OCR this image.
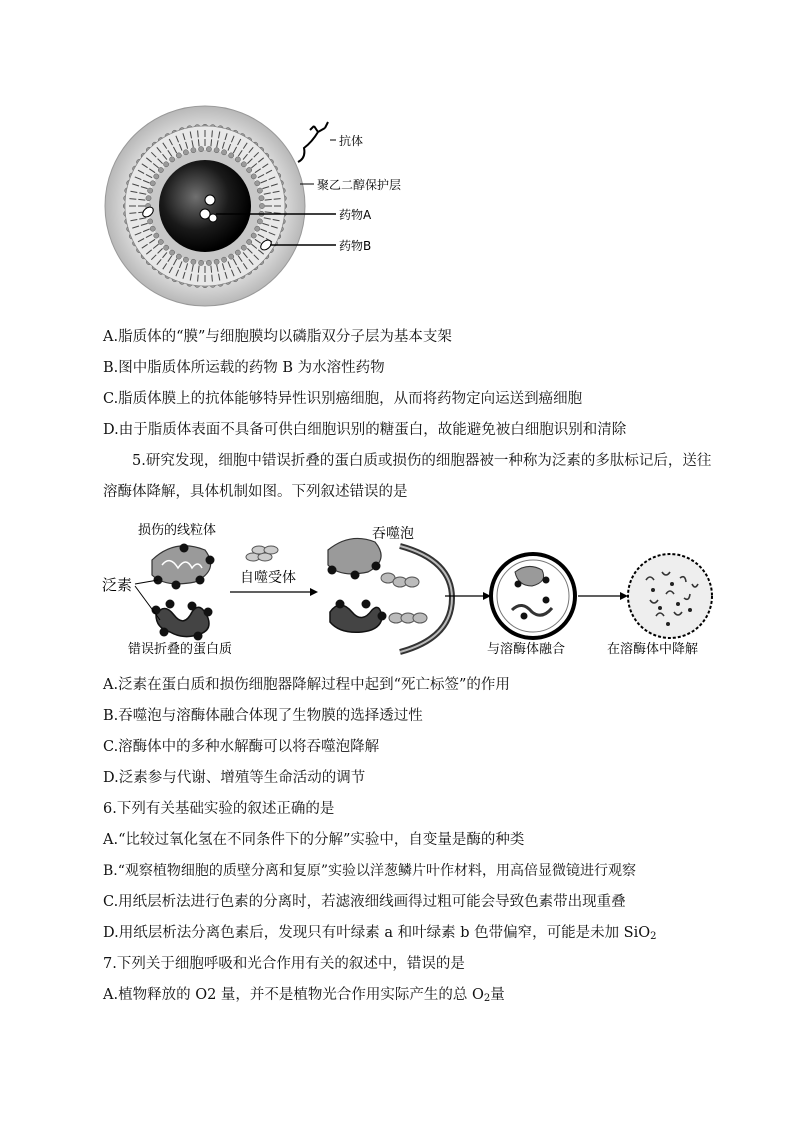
抗体
聚乙二醇保护层
药物A
药物B
A.脂质体的“膜”与细胞膜均以磷脂双分子层为基本支架
B.图中脂质体所运载的药物 B 为水溶性药物
C.脂质体膜上的抗体能够特异性识别癌细胞，从而将药物定向运送到癌细胞
D.由于脂质体表面不具备可供白细胞识别的糖蛋白，故能避免被白细胞识别和清除
5.研究发现，细胞中错误折叠的蛋白质或损伤的细胞器被一种称为泛素的多肽标记后，送往溶酶体降解，具体机制如图。下列叙述错误的是
损伤的线粒体
泛素
错误折叠的蛋白质
自噬受体
吞噬泡
与溶酶体融合	在溶酶体中降解
A.泛素在蛋白质和损伤细胞器降解过程中起到“死亡标签”的作用
B.吞噬泡与溶酶体融合体现了生物膜的选择透过性
C.溶酶体中的多种水解酶可以将吞噬泡降解
D.泛素参与代谢、增殖等生命活动的调节
6.下列有关基础实验的叙述正确的是
A.“比较过氧化氢在不同条件下的分解”实验中，自变量是酶的种类
B.“观察植物细胞的质壁分离和复原”实验以洋葱鳞片叶作材料，用高倍显微镜进行观察
C.用纸层析法进行色素的分离时，若滤液细线画得过粗可能会导致色素带出现重叠
D.用纸层析法分离色素后，发现只有叶绿素 a 和叶绿素 b 色带偏窄，可能是未加 SiO$_2$
7.下列关于细胞呼吸和光合作用有关的叙述中，错误的是
A.植物释放的 O2 量，并不是植物光合作用实际产生的总 $O_2$量
